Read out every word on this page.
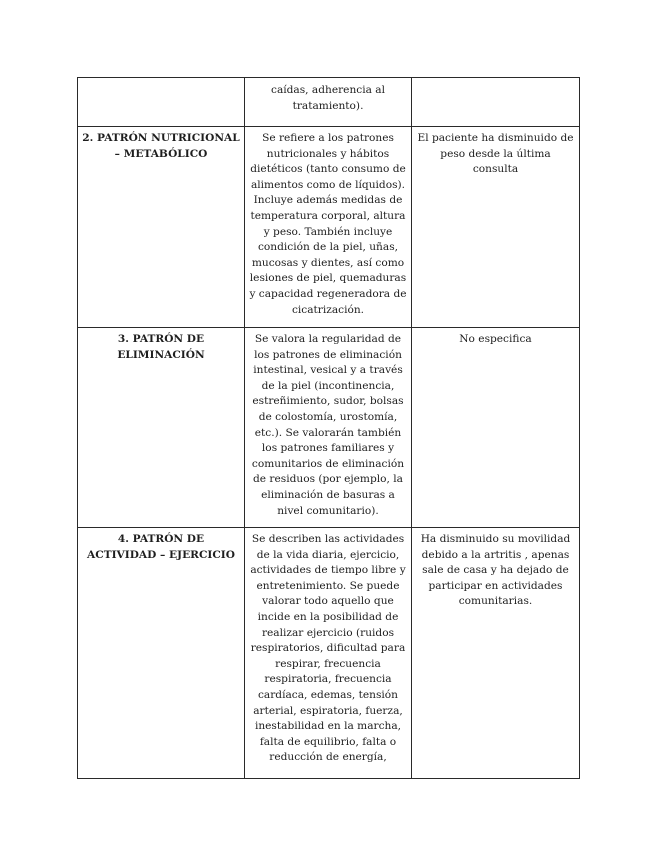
	caídas, adherencia al tratamiento).	
2. PATRÓN NUTRICIONAL – METABÓLICO	Se refiere a los patrones nutricionales y hábitos dietéticos (tanto consumo de alimentos como de líquidos). Incluye además medidas de temperatura corporal, altura y peso. También incluye condición de la piel, uñas, mucosas y dientes, así como lesiones de piel, quemaduras y capacidad regeneradora de cicatrización.	El paciente ha disminuido de peso desde la última consulta
3. PATRÓN DE ELIMINACIÓN	Se valora la regularidad de los patrones de eliminación intestinal, vesical y a través de la piel (incontinencia, estreñimiento, sudor, bolsas de colostomía, urostomía, etc.). Se valorarán también los patrones familiares y comunitarios de eliminación de residuos (por ejemplo, la eliminación de basuras a nivel comunitario).	No especifica
4. PATRÓN DE ACTIVIDAD – EJERCICIO	Se describen las actividades de la vida diaria, ejercicio, actividades de tiempo libre y entretenimiento. Se puede valorar todo aquello que incide en la posibilidad de realizar ejercicio (ruidos respiratorios, dificultad para respirar, frecuencia respiratoria, frecuencia cardíaca, edemas, tensión arterial, espiratoria, fuerza, inestabilidad en la marcha, falta de equilibrio, falta o reducción de energía,	Ha disminuido su movilidad debido a la artritis , apenas sale de casa y ha dejado de participar en actividades comunitarias.
